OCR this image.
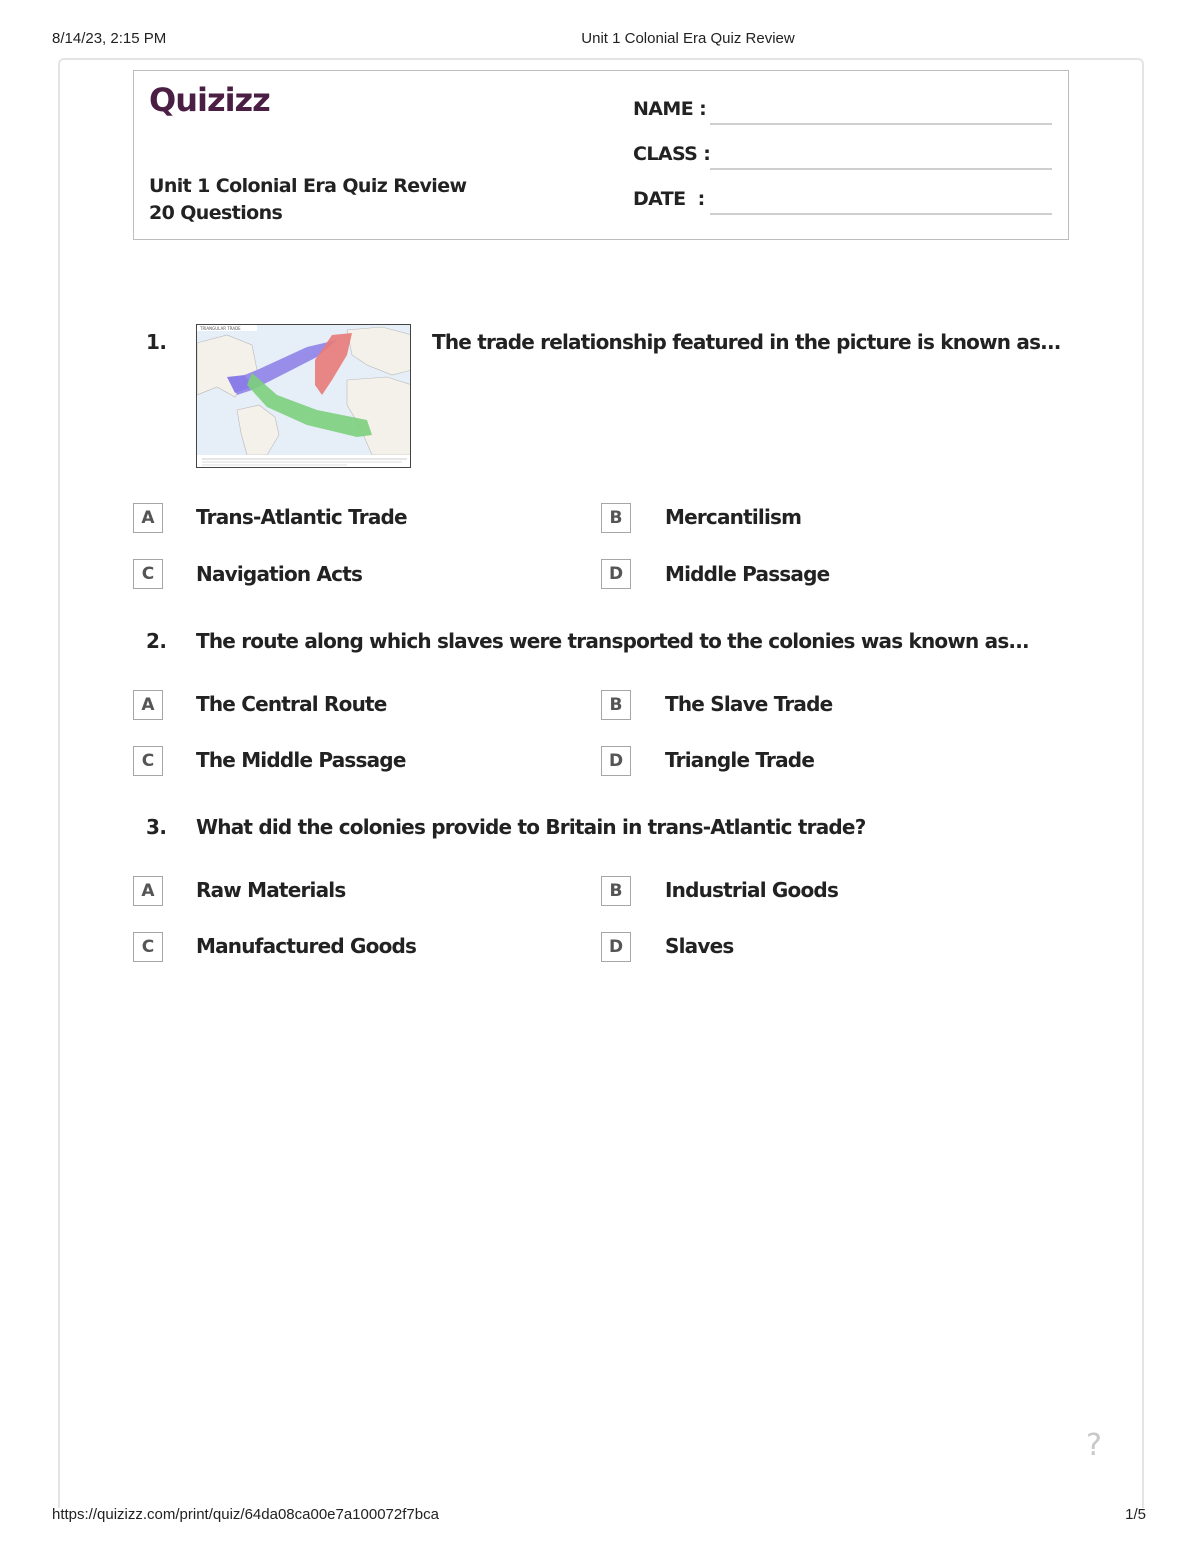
8/14/23, 2:15 PM	Unit 1 Colonial Era Quiz Review
https://quizizz.com/print/quiz/64da08ca00e7a100072f7bca	1/5
Quizizz
Unit 1 Colonial Era Quiz Review
20 Questions
NAME :
CLASS :
DATE  :
1.
TRIANGULAR TRADE
The trade relationship featured in the picture is known as...
A	Trans-Atlantic Trade	B	Mercantilism
C	Navigation Acts	D	Middle Passage
2. The route along which slaves were transported to the colonies was known as...
A	The Central Route	B	The Slave Trade
C	The Middle Passage	D	Triangle Trade
3. What did the colonies provide to Britain in trans-Atlantic trade?
A	Raw Materials	B	Industrial Goods
C	Manufactured Goods	D	Slaves
?
